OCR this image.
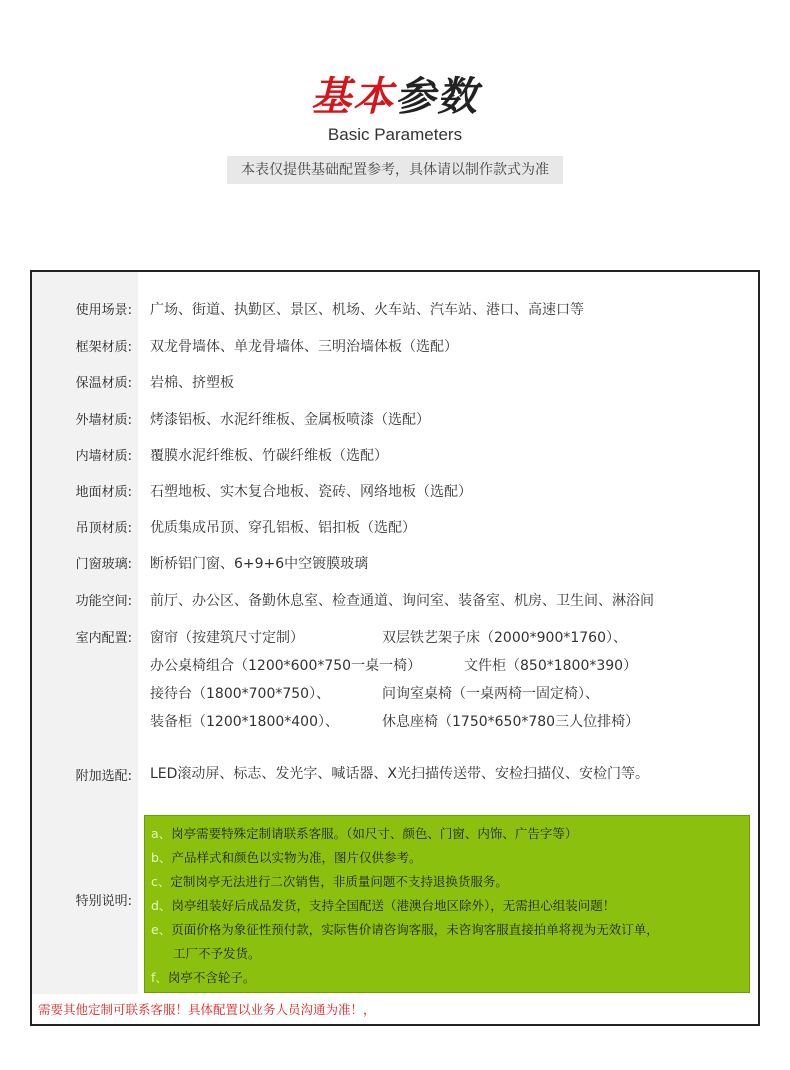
基本参数
Basic Parameters
本表仅提供基础配置参考，具体请以制作款式为准
使用场景: 广场、街道、执勤区、景区、机场、火车站、汽车站、港口、高速口等
框架材质: 双龙骨墙体、单龙骨墙体、三明治墙体板（选配）
保温材质: 岩棉、挤塑板
外墙材质: 烤漆铝板、水泥纤维板、金属板喷漆（选配）
内墙材质: 覆膜水泥纤维板、竹碳纤维板（选配）
地面材质: 石塑地板、实木复合地板、瓷砖、网络地板（选配）
吊顶材质: 优质集成吊顶、穿孔铝板、铝扣板（选配）
门窗玻璃: 断桥铝门窗、6+9+6中空镀膜玻璃
功能空间: 前厅、办公区、备勤休息室、检查通道、询问室、装备室、机房、卫生间、淋浴间
室内配置: 窗帘（按建筑尺寸定制）	双层铁艺架子床（2000*900*1760）、
办公桌椅组合（1200*600*750一桌一椅）	文件柜（850*1800*390）
接待台（1800*700*750）、	问询室桌椅（一桌两椅一固定椅）、
装备柜（1200*1800*400）、	休息座椅（1750*650*780三人位排椅）
附加选配: LED滚动屏、标志、发光字、喊话器、X光扫描传送带、安检扫描仪、安检门等。
特别说明:
a、岗亭需要特殊定制请联系客服。（如尺寸、颜色、门窗、内饰、广告字等）
b、产品样式和颜色以实物为准，图片仅供参考。
c、定制岗亭无法进行二次销售，非质量问题不支持退换货服务。
d、岗亭组装好后成品发货，支持全国配送（港澳台地区除外），无需担心组装问题！
e、页面价格为象征性预付款，实际售价请咨询客服，未咨询客服直接拍单将视为无效订单，
工厂不予发货。
f、岗亭不含轮子。
需要其他定制可联系客服！具体配置以业务人员沟通为准！，
